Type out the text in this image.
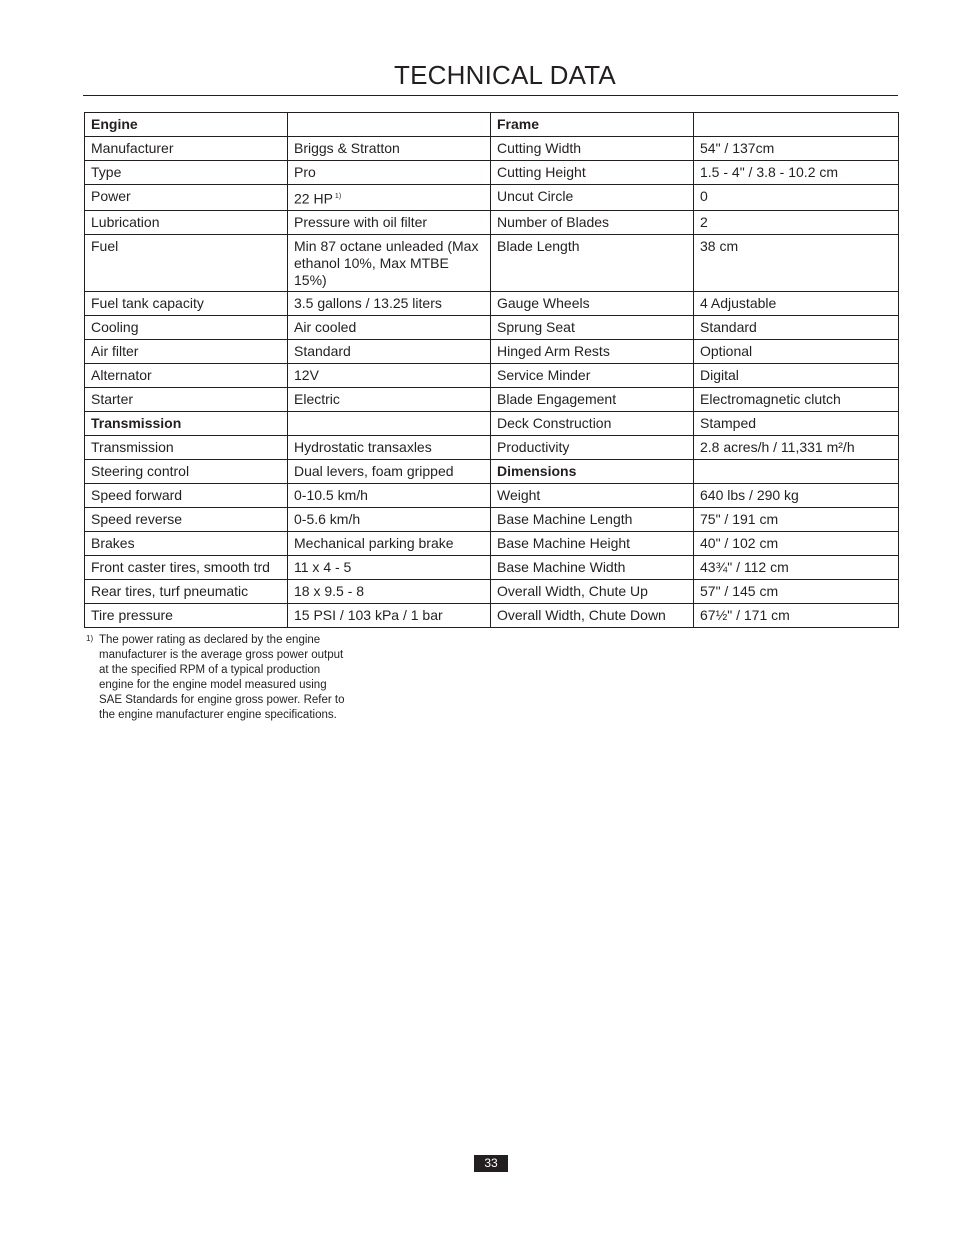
TECHNICAL DATA
Engine		Frame	
Manufacturer	Briggs & Stratton	Cutting Width	54" / 137cm
Type	Pro	Cutting Height	1.5 - 4" / 3.8 - 10.2 cm
Power	22 HP $^{1)}$	Uncut Circle	0
Lubrication	Pressure with oil filter	Number of Blades	2
Fuel	Min 87 octane unleaded (Max ethanol 10%, Max MTBE 15%)	Blade Length	38 cm
Fuel tank capacity	3.5 gallons / 13.25 liters	Gauge Wheels	4 Adjustable
Cooling	Air cooled	Sprung Seat	Standard
Air filter	Standard	Hinged Arm Rests	Optional
Alternator	12V	Service Minder	Digital
Starter	Electric	Blade Engagement	Electromagnetic clutch
Transmission		Deck Construction	Stamped
Transmission	Hydrostatic transaxles	Productivity	2.8 acres/h / 11,331 m²/h
Steering control	Dual levers, foam gripped	Dimensions	
Speed forward	0-10.5 km/h	Weight	640 lbs / 290 kg
Speed reverse	0-5.6 km/h	Base Machine Length	75" / 191 cm
Brakes	Mechanical parking brake	Base Machine Height	40" / 102 cm
Front caster tires, smooth trd	11 x 4 - 5	Base Machine Width	43¾" / 112 cm
Rear tires, turf pneumatic	18 x 9.5 - 8	Overall Width, Chute Up	57" / 145 cm
Tire pressure	15 PSI / 103 kPa / 1 bar	Overall Width, Chute Down	67½" / 171 cm
1) The power rating as declared by the engine manufacturer is the average gross power output at the specified RPM of a typical production engine for the engine model measured using SAE Standards for engine gross power. Refer to the engine manufacturer engine specifications.
33
